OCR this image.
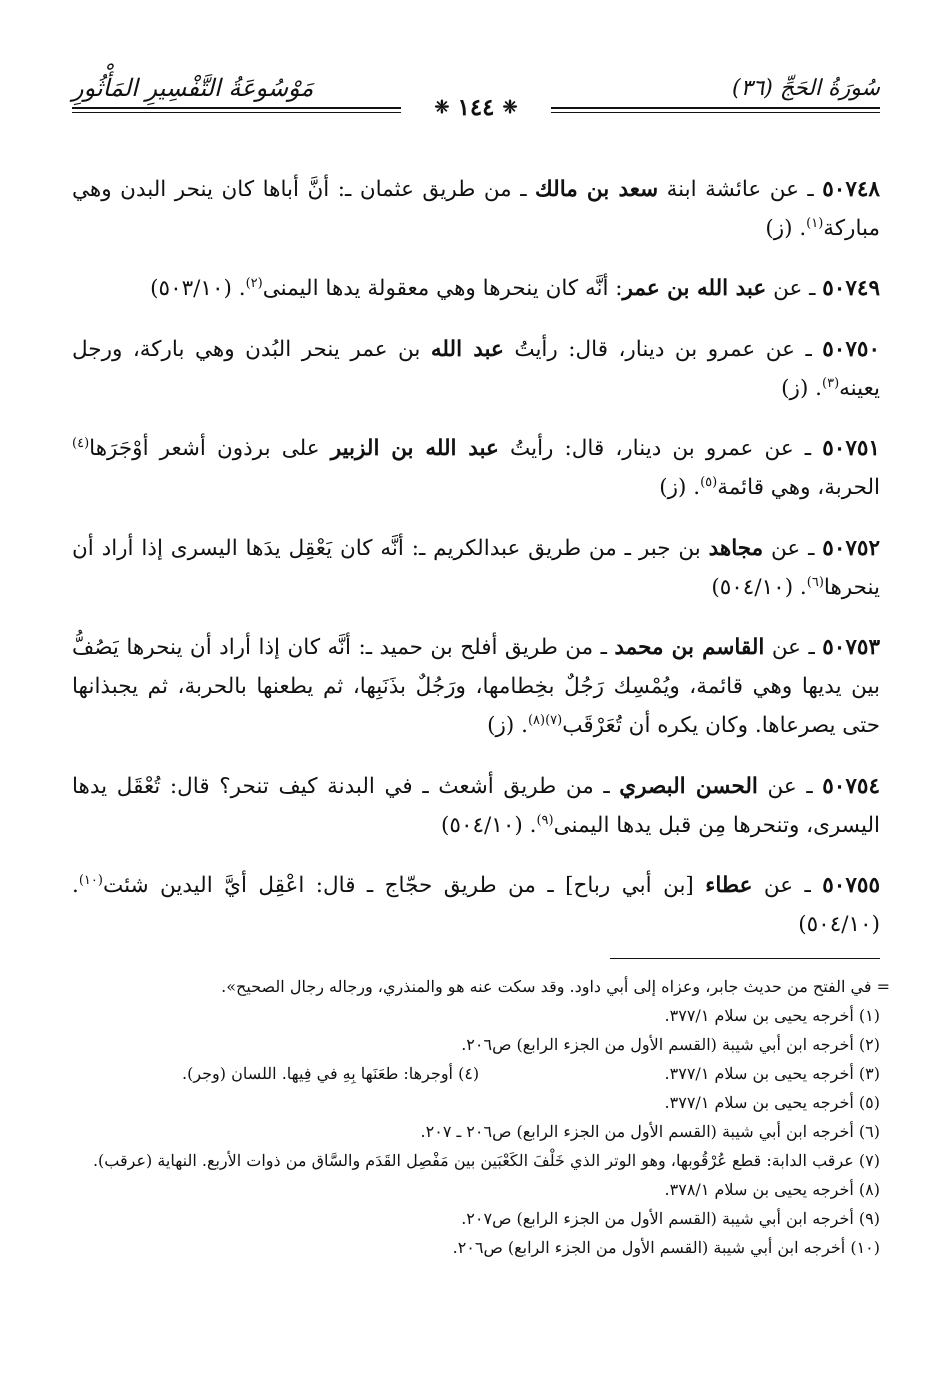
سُورَةُ الحَجِّ (٣٦)
مَوْسُوعَةُ التَّفْسِيرِ المَأْثُورِ
❈
١٤٤
❈

٥٠٧٤٨ ـ عن عائشة ابنة سعد بن مالك ـ من طريق عثمان ـ: أنَّ أباها كان ينحر البدن وهي مباركة$^{(١)}$. (ز)

٥٠٧٤٩ ـ عن عبد الله بن عمر: أنَّه كان ينحرها وهي معقولة يدها اليمنى$^{(٢)}$. (٥٠٣/١٠)

٥٠٧٥٠ ـ عن عمرو بن دينار، قال: رأيتُ عبد الله بن عمر ينحر البُدن وهي باركة، ورجل يعينه$^{(٣)}$. (ز)

٥٠٧٥١ ـ عن عمرو بن دينار، قال: رأيتُ عبد الله بن الزبير على برذون أشعر أوْجَرَها$^{(٤)}$ الحربة، وهي قائمة$^{(٥)}$. (ز)

٥٠٧٥٢ ـ عن مجاهد بن جبر ـ من طريق عبدالكريم ـ: أنَّه كان يَعْقِل يدَها اليسرى إذا أراد أن ينحرها$^{(٦)}$. (٥٠٤/١٠)

٥٠٧٥٣ ـ عن القاسم بن محمد ـ من طريق أفلح بن حميد ـ: أنَّه كان إذا أراد أن ينحرها يَصُفُّ بين يديها وهي قائمة، ويُمْسِك رَجُلٌ بخِطامها، ورَجُلٌ بذَنَبِها، ثم يطعنها بالحربة، ثم يجبذانها حتى يصرعاها. وكان يكره أن تُعَرْقَب$^{(٧)(٨)}$. (ز)

٥٠٧٥٤ ـ عن الحسن البصري ـ من طريق أشعث ـ في البدنة كيف تنحر؟ قال: تُعْقَل يدها اليسرى، وتنحرها مِن قبل يدها اليمنى$^{(٩)}$. (٥٠٤/١٠)

٥٠٧٥٥ ـ عن عطاء [بن أبي رباح] ـ من طريق حجّاج ـ قال: اعْقِل أيَّ اليدين شئت$^{(١٠)}$. (٥٠٤/١٠)

= في الفتح من حديث جابر، وعزاه إلى أبي داود. وقد سكت عنه هو والمنذري، ورجاله رجال الصحيح».
(١) أخرجه يحيى بن سلام ٣٧٧/١.
(٢) أخرجه ابن أبي شيبة (القسم الأول من الجزء الرابع) ص٢٠٦.
(٣) أخرجه يحيى بن سلام ٣٧٧/١.
(٤) أوجرها: طعَنَها بِهِ في فِيها. اللسان (وجر).
(٥) أخرجه يحيى بن سلام ٣٧٧/١.
(٦) أخرجه ابن أبي شيبة (القسم الأول من الجزء الرابع) ص٢٠٦ ـ ٢٠٧.
(٧) عرقب الدابة: قطع عُرْقُوبها، وهو الوتر الذي خَلْفَ الكَعْبَين بين مَفْصِل القَدَم والسَّاق من ذوات الأربع. النهاية (عرقب).
(٨) أخرجه يحيى بن سلام ٣٧٨/١.
(٩) أخرجه ابن أبي شيبة (القسم الأول من الجزء الرابع) ص٢٠٧.
(١٠) أخرجه ابن أبي شيبة (القسم الأول من الجزء الرابع) ص٢٠٦.
